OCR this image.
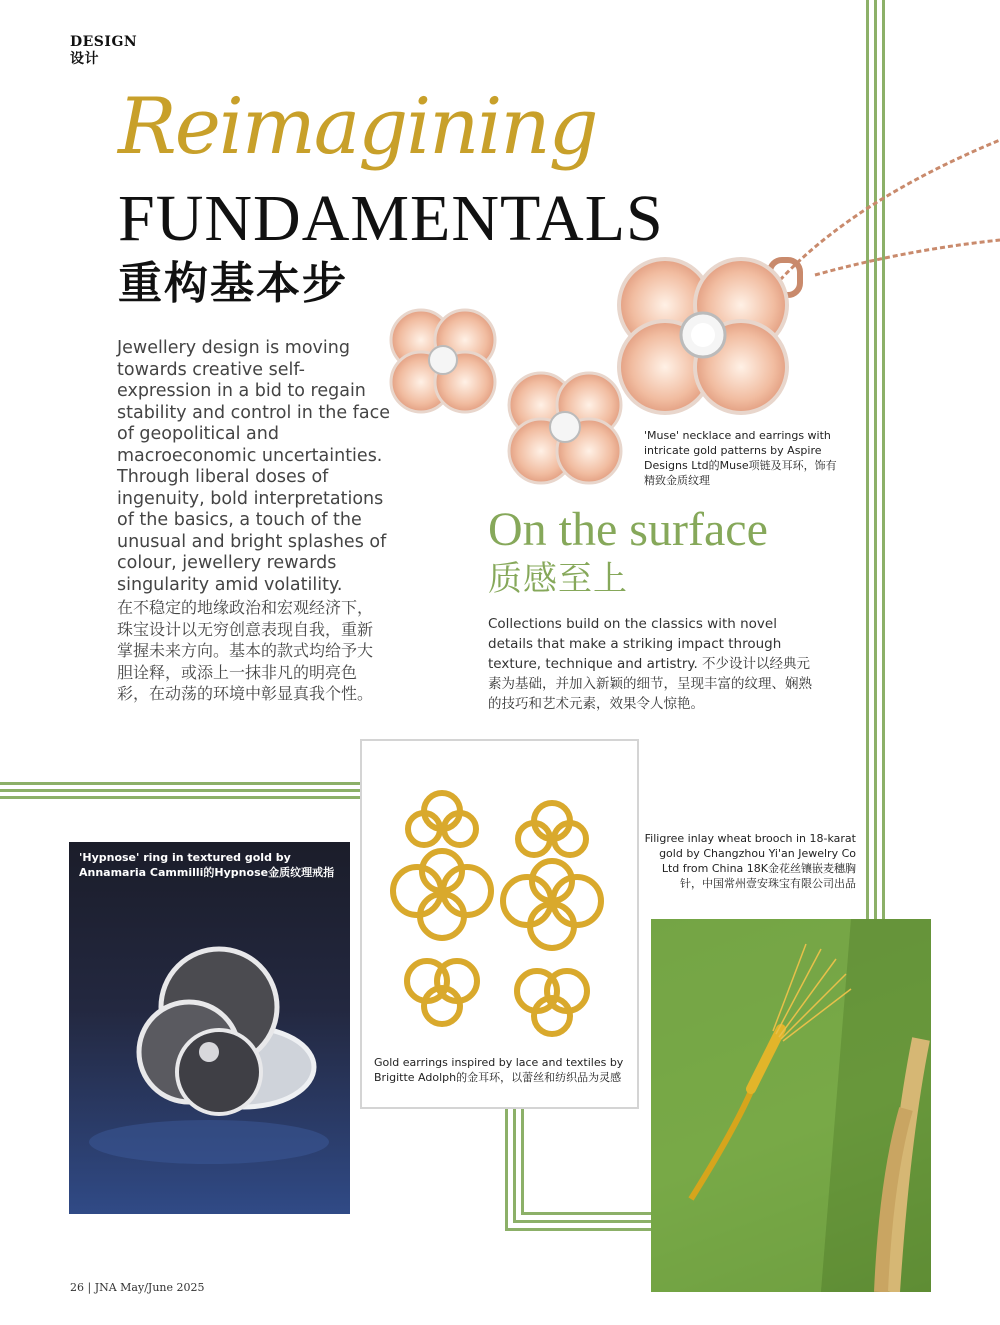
DESIGN
设计
Reimagining
FUNDAMENTALS
重构基本步
'Muse' necklace and earrings with intricate gold patterns by Aspire Designs Ltd的Muse项链及耳环，饰有精致金质纹理
Jewellery design is moving towards creative self-expression in a bid to regain stability and control in the face of geopolitical and macroeconomic uncertainties. Through liberal doses of ingenuity, bold interpretations of the basics, a touch of the unusual and bright splashes of colour, jewellery rewards singularity amid volatility.
在不稳定的地缘政治和宏观经济下，珠宝设计以无穷创意表现自我，重新掌握未来方向。基本的款式均给予大胆诠释，或添上一抹非凡的明亮色彩，在动荡的环境中彰显真我个性。
On the surface
质感至上
Collections build on the classics with novel details that make a striking impact through texture, technique and artistry. 不少设计以经典元素为基础，并加入新颖的细节，呈现丰富的纹理、娴熟的技巧和艺术元素，效果令人惊艳。
'Hypnose' ring in textured gold by Annamaria Cammilli的Hypnose金质纹理戒指
Gold earrings inspired by lace and textiles by Brigitte Adolph的金耳环，以蕾丝和纺织品为灵感
Filigree inlay wheat brooch in 18-karat gold by Changzhou Yi'an Jewelry Co Ltd from China 18K金花丝镶嵌麦穗胸针，中国常州壹安珠宝有限公司出品
26 | JNA May/June 2025
